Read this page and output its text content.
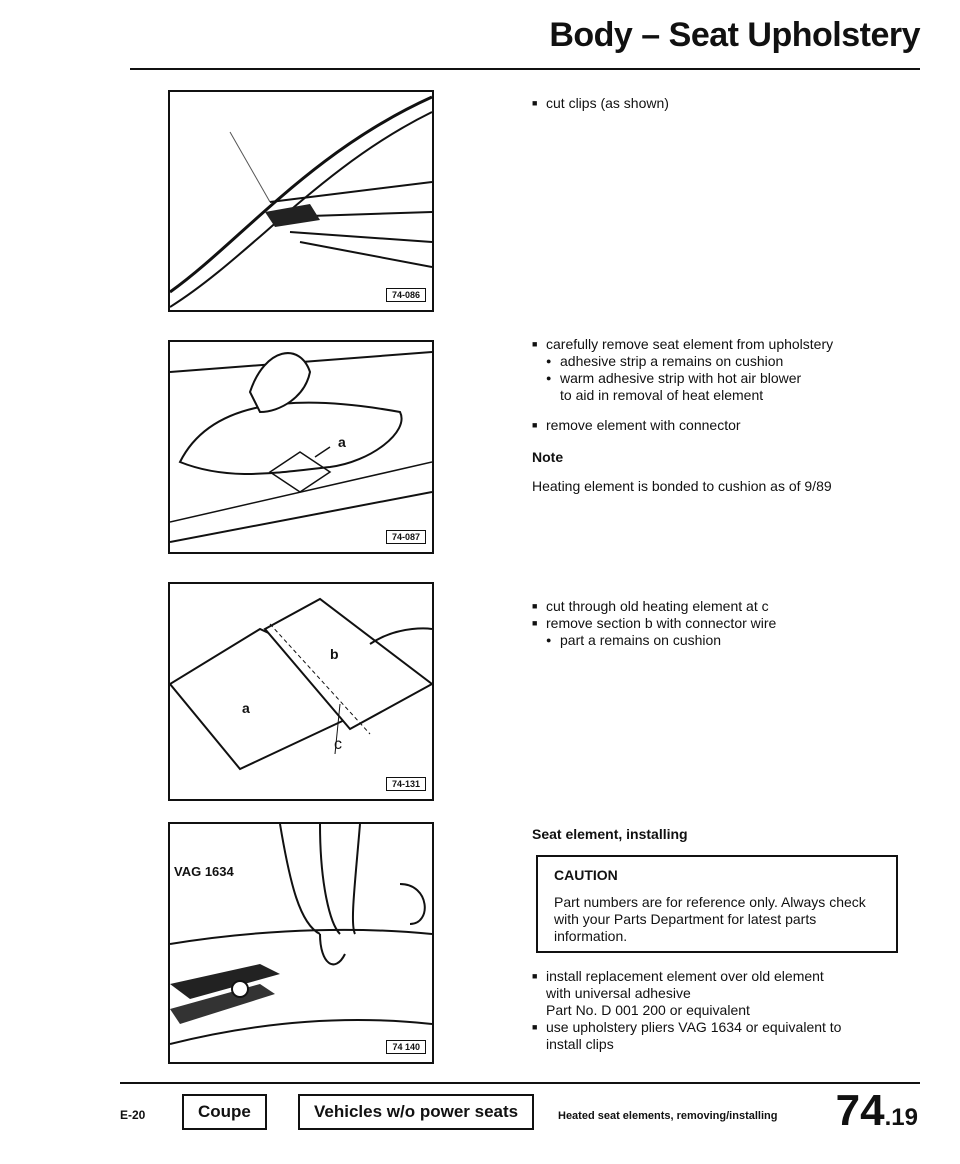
Body – Seat Upholstery
74-086
a
74-087
b
a
c
74-131
VAG 1634
74 140
■ cut clips (as shown)
■ carefully remove seat element from upholstery
● adhesive strip a remains on cushion
● warm adhesive strip with hot air blower
to aid in removal of heat element
■ remove element with connector
Note
Heating element is bonded to cushion as of 9/89
■ cut through old heating element at c
■ remove section b with connector wire
● part a remains on cushion
Seat element, installing
CAUTION
Part numbers are for reference only. Always check with your Parts Department for latest parts information.
■ install replacement element over old element with universal adhesive
Part No. D 001 200 or equivalent
■ use upholstery pliers VAG 1634 or equivalent to install clips
E-20	Coupe	Vehicles w/o power seats	Heated seat elements, removing/installing 74.19
